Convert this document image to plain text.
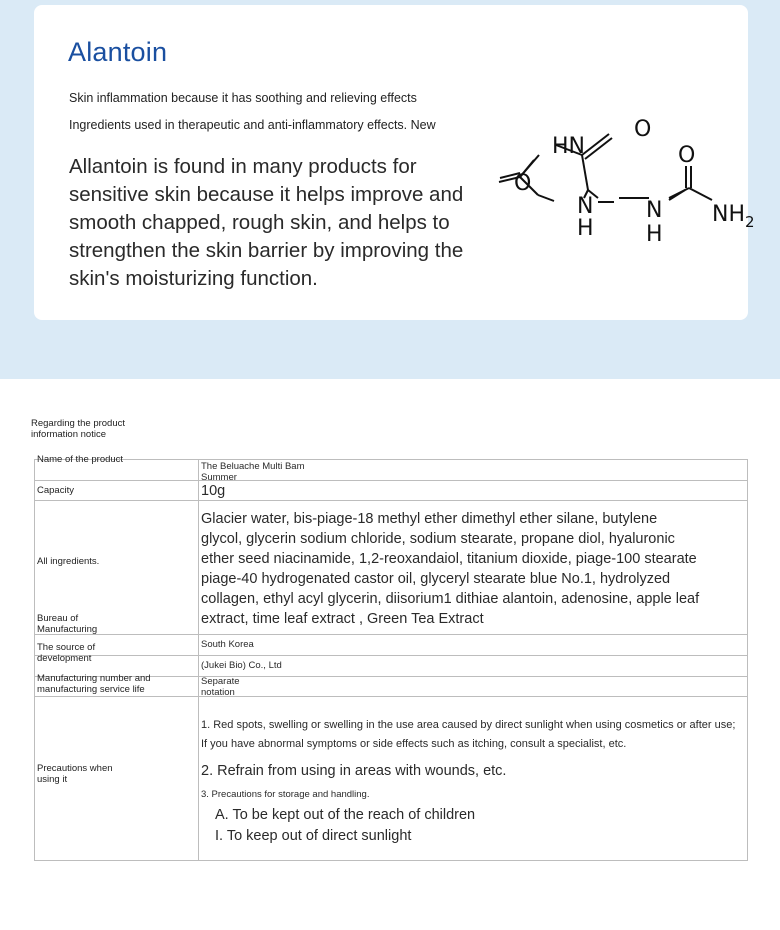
Alantoin
Skin inflammation because it has soothing and relieving effects
Ingredients used in therapeutic and anti-inflammatory effects. New
Allantoin is found in many products for sensitive skin because it helps improve and smooth chapped, rough skin, and helps to strengthen the skin barrier by improving the skin's moisturizing function.
HN
O
O
O
N
H
N
H
$NH_2$
Regarding the product information notice
Name of the product
The Beluache Multi Bam Summer
Capacity	10g
All ingredients.
Glacier water, bis-piage-18 methyl ether dimethyl ether silane, butylene glycol, glycerin sodium chloride, sodium stearate, propane diol, hyaluronic ether seed niacinamide, 1,2-reoxandaiol, titanium dioxide, piage-100 stearate piage-40 hydrogenated castor oil, glyceryl stearate blue No.1, hydrolyzed collagen, ethyl acyl glycerin, diisorium1 dithiae alantoin, adenosine, apple leaf extract, time leaf extract , Green Tea Extract
Bureau of Manufacturing
South Korea
The source of development
(Jukei Bio) Co., Ltd
Manufacturing number and manufacturing service life
Separate notation
Precautions when using it
1. Red spots, swelling or swelling in the use area caused by direct sunlight when using cosmetics or after use;
If you have abnormal symptoms or side effects such as itching, consult a specialist, etc.
2. Refrain from using in areas with wounds, etc.
3. Precautions for storage and handling.
A. To be kept out of the reach of children
I. To keep out of direct sunlight
